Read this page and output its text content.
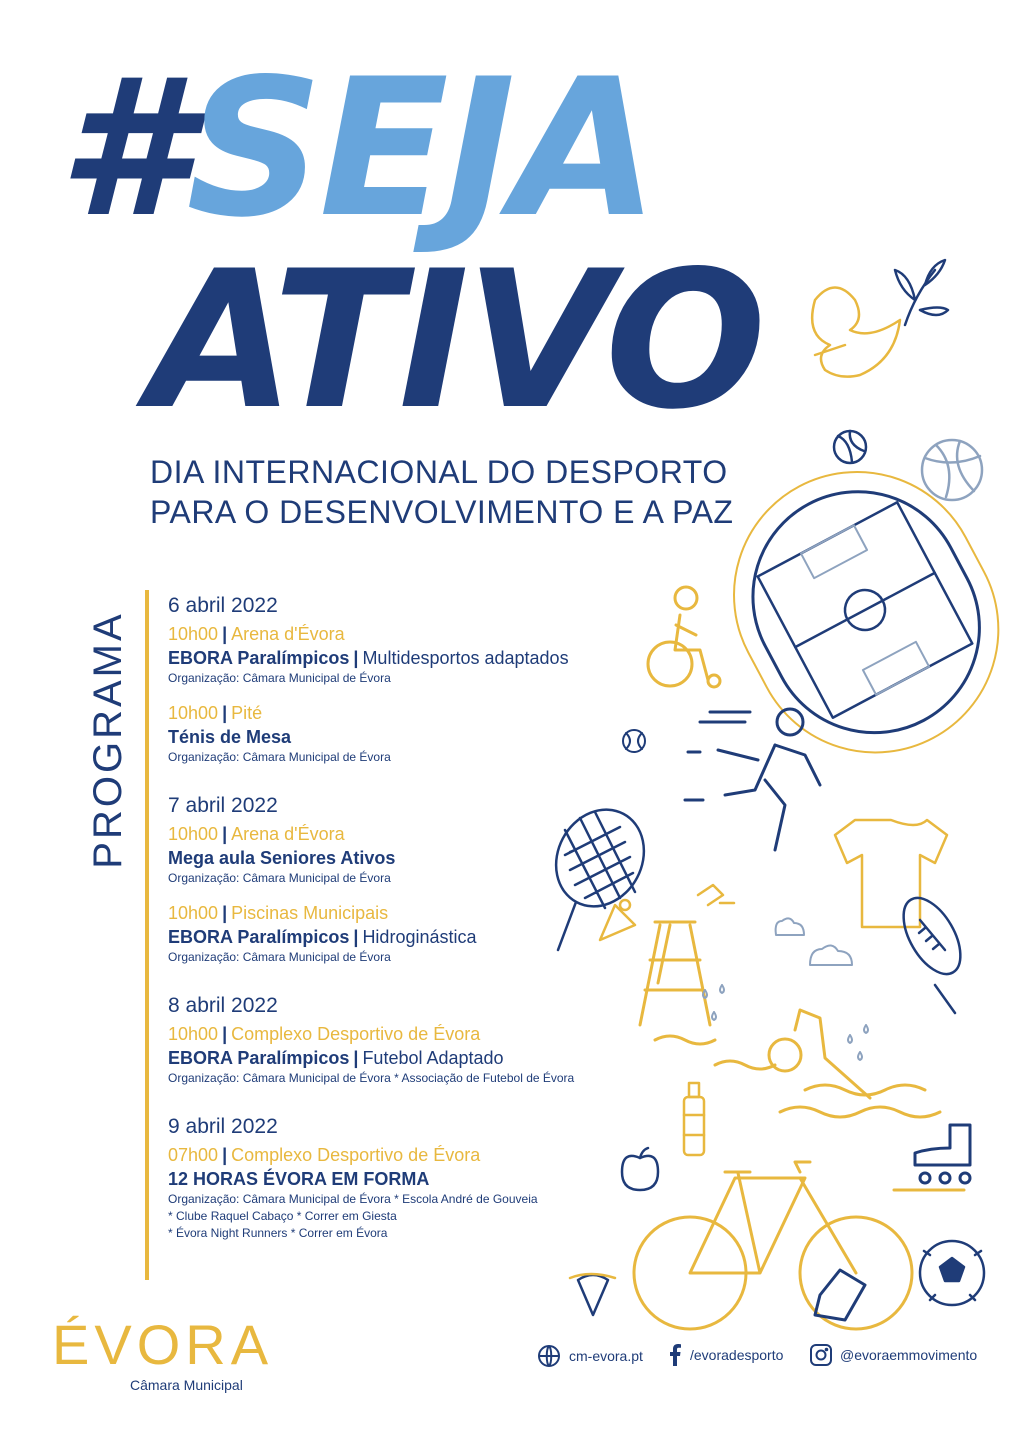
#SEJA
ATIVO
DIA INTERNACIONAL DO DESPORTO
PARA O DESENVOLVIMENTO E A PAZ
PROGRAMA
6 abril 2022
10h00 | Arena d'Évora
EBORA Paralímpicos | Multidesportos adaptados
Organização: Câmara Municipal de Évora
10h00 | Pité
Ténis de Mesa
Organização: Câmara Municipal de Évora
7 abril 2022
10h00 | Arena d'Évora
Mega aula Seniores Ativos
Organização: Câmara Municipal de Évora
10h00 | Piscinas Municipais
EBORA Paralímpicos | Hidroginástica
Organização: Câmara Municipal de Évora
8 abril 2022
10h00 | Complexo Desportivo de Évora
EBORA Paralímpicos | Futebol Adaptado
Organização: Câmara Municipal de Évora * Associação de Futebol de Évora
9 abril 2022
07h00 | Complexo Desportivo de Évora
12 HORAS ÉVORA EM FORMA
Organização: Câmara Municipal de Évora * Escola André de Gouveia
* Clube Raquel Cabaço * Correr em Giesta
* Évora Night Runners * Correr em Évora
ÉVORA
Câmara Municipal
cm-evora.pt	/evoradesporto	@evoraemmovimento
